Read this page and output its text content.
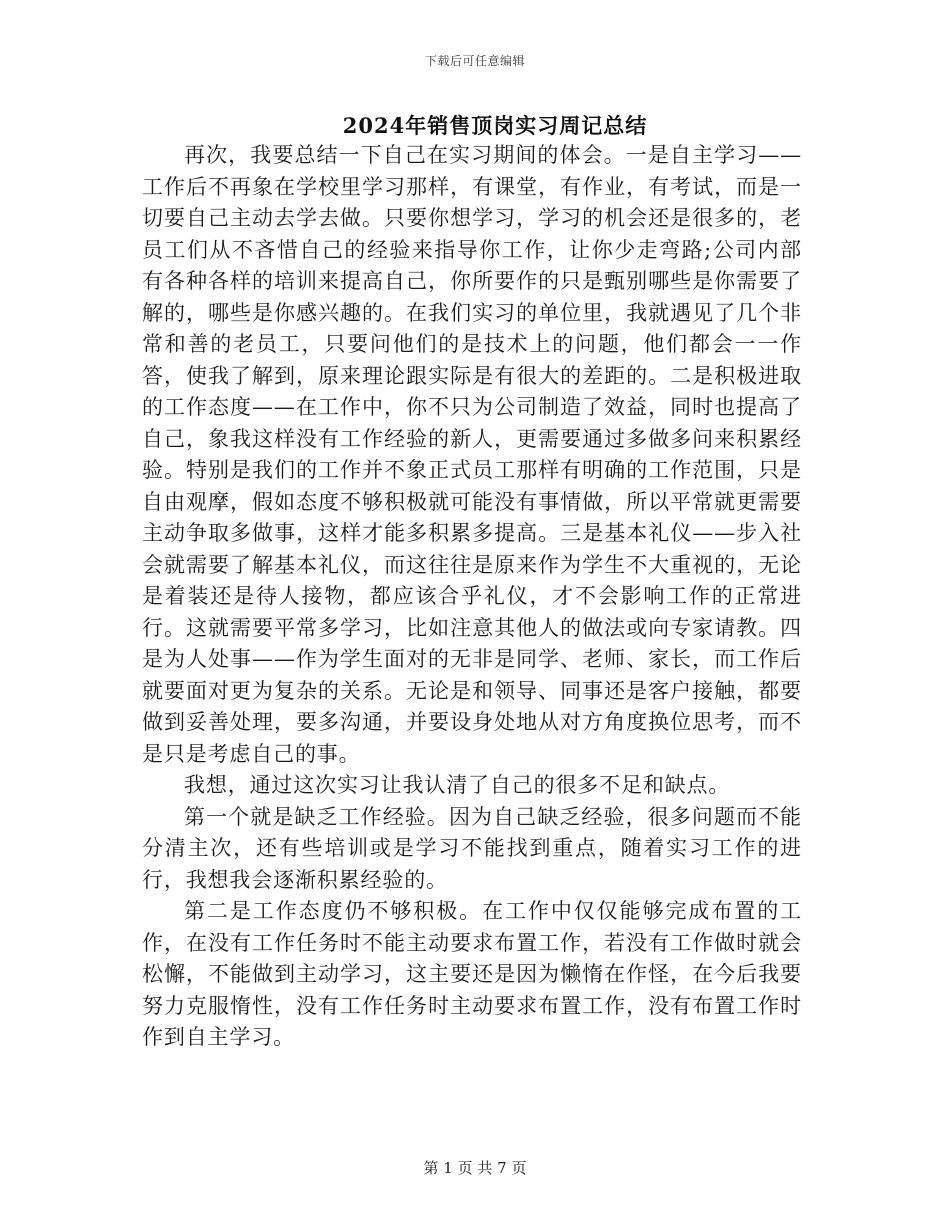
下载后可任意编辑
2024年销售顶岗实习周记总结

再次，我要总结一下自己在实习期间的体会。一是自主学习——工作后不再象在学校里学习那样，有课堂，有作业，有考试，而是一切要自己主动去学去做。只要你想学习，学习的机会还是很多的，老员工们从不吝惜自己的经验来指导你工作，让你少走弯路;公司内部有各种各样的培训来提高自己，你所要作的只是甄别哪些是你需要了解的，哪些是你感兴趣的。在我们实习的单位里，我就遇见了几个非常和善的老员工，只要问他们的是技术上的问题，他们都会一一作答，使我了解到，原来理论跟实际是有很大的差距的。二是积极进取的工作态度——在工作中，你不只为公司制造了效益，同时也提高了自己，象我这样没有工作经验的新人，更需要通过多做多问来积累经验。特别是我们的工作并不象正式员工那样有明确的工作范围，只是自由观摩，假如态度不够积极就可能没有事情做，所以平常就更需要主动争取多做事，这样才能多积累多提高。三是基本礼仪——步入社会就需要了解基本礼仪，而这往往是原来作为学生不大重视的，无论是着装还是待人接物，都应该合乎礼仪，才不会影响工作的正常进行。这就需要平常多学习，比如注意其他人的做法或向专家请教。四是为人处事——作为学生面对的无非是同学、老师、家长，而工作后就要面对更为复杂的关系。无论是和领导、同事还是客户接触，都要做到妥善处理，要多沟通，并要设身处地从对方角度换位思考，而不是只是考虑自己的事。

我想，通过这次实习让我认清了自己的很多不足和缺点。

第一个就是缺乏工作经验。因为自己缺乏经验，很多问题而不能分清主次，还有些培训或是学习不能找到重点，随着实习工作的进行，我想我会逐渐积累经验的。

第二是工作态度仍不够积极。在工作中仅仅能够完成布置的工作，在没有工作任务时不能主动要求布置工作，若没有工作做时就会松懈，不能做到主动学习，这主要还是因为懒惰在作怪，在今后我要努力克服惰性，没有工作任务时主动要求布置工作，没有布置工作时作到自主学习。

第 1 页 共 7 页
